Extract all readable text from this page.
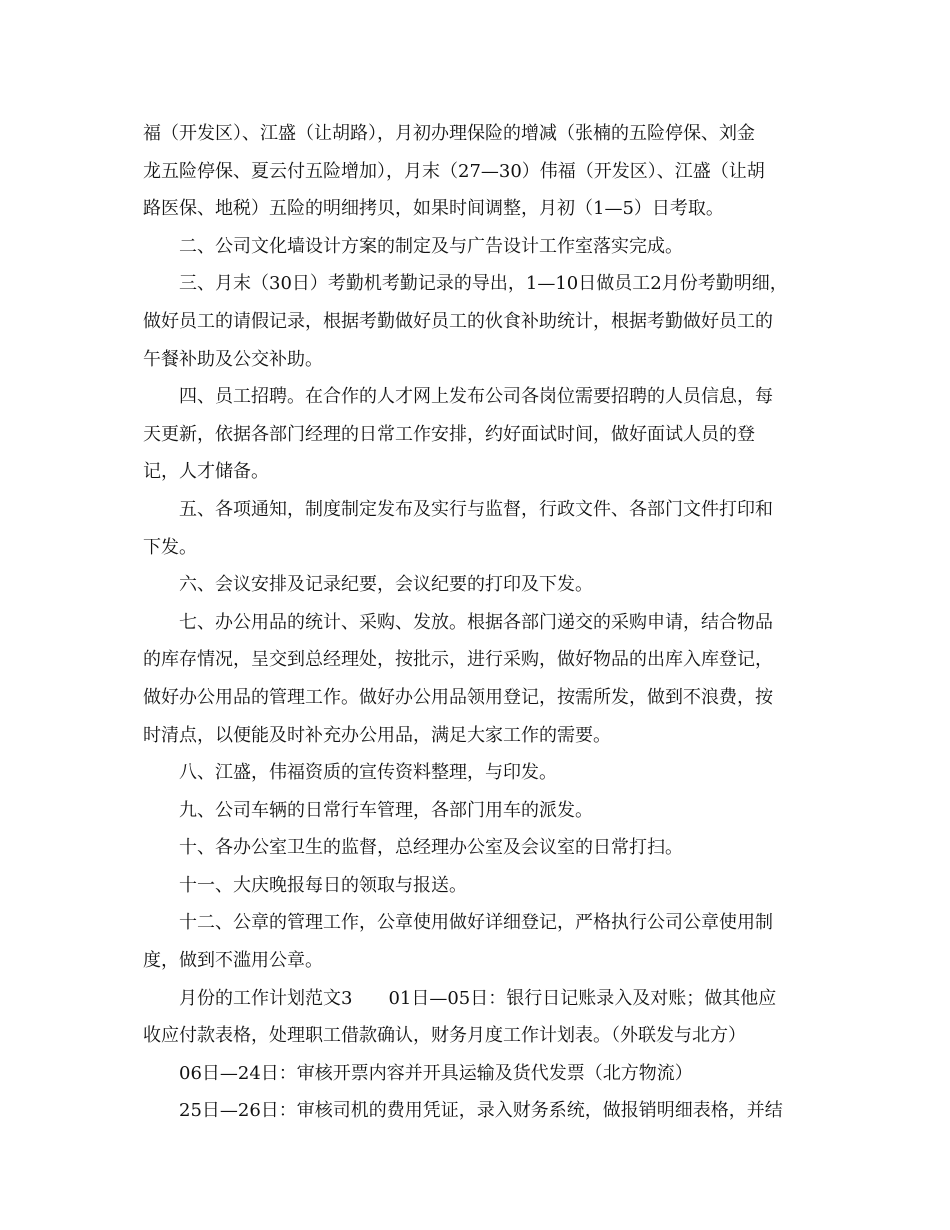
福（开发区）、江盛（让胡路），月初办理保险的增减（张楠的五险停保、刘金
龙五险停保、夏云付五险增加），月末（27—30）伟福（开发区）、江盛（让胡
路医保、地税）五险的明细拷贝，如果时间调整，月初（1—5）日考取。
二、公司文化墙设计方案的制定及与广告设计工作室落实完成。
三、月末（30日）考勤机考勤记录的导出，1—10日做员工2月份考勤明细，
做好员工的请假记录，根据考勤做好员工的伙食补助统计，根据考勤做好员工的
午餐补助及公交补助。
四、员工招聘。在合作的人才网上发布公司各岗位需要招聘的人员信息，每
天更新，依据各部门经理的日常工作安排，约好面试时间，做好面试人员的登
记，人才储备。
五、各项通知，制度制定发布及实行与监督，行政文件、各部门文件打印和
下发。
六、会议安排及记录纪要，会议纪要的打印及下发。
七、办公用品的统计、采购、发放。根据各部门递交的采购申请，结合物品
的库存情况，呈交到总经理处，按批示，进行采购，做好物品的出库入库登记，
做好办公用品的管理工作。做好办公用品领用登记，按需所发，做到不浪费，按
时清点，以便能及时补充办公用品，满足大家工作的需要。
八、江盛，伟福资质的宣传资料整理，与印发。
九、公司车辆的日常行车管理，各部门用车的派发。
十、各办公室卫生的监督，总经理办公室及会议室的日常打扫。
十一、大庆晚报每日的领取与报送。
十二、公章的管理工作，公章使用做好详细登记，严格执行公司公章使用制
度，做到不滥用公章。
月份的工作计划范文3　　01日—05日：银行日记账录入及对账；做其他应
收应付款表格，处理职工借款确认，财务月度工作计划表。（外联发与北方）
06日—24日：审核开票内容并开具运输及货代发票（北方物流）
25日—26日：审核司机的费用凭证，录入财务系统，做报销明细表格，并结
